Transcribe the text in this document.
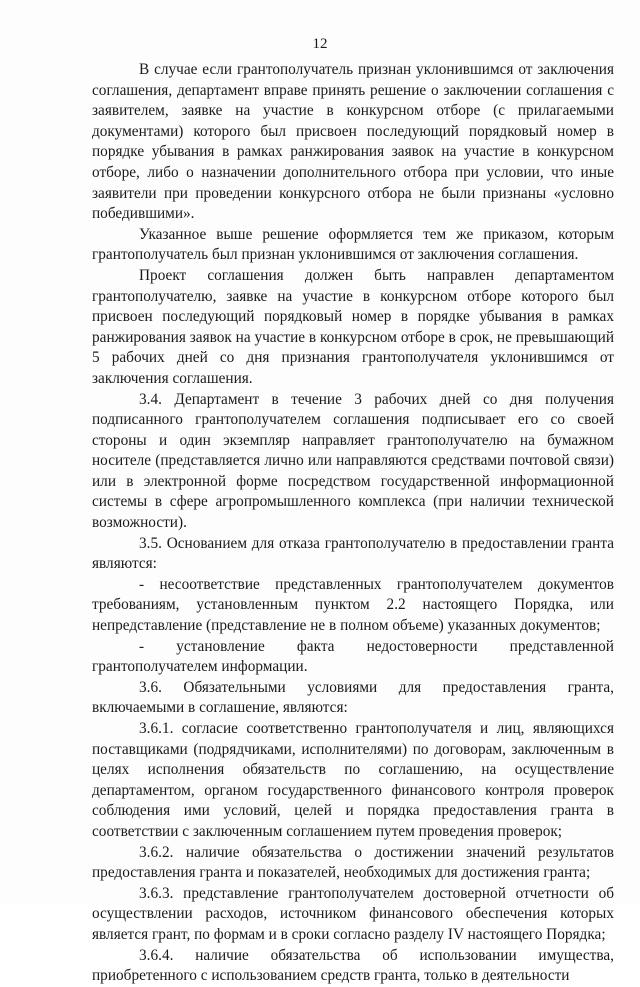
12

В случае если грантополучатель признан уклонившимся от заключения соглашения, департамент вправе принять решение о заключении соглашения с заявителем, заявке на участие в конкурсном отборе (с прилагаемыми документами) которого был присвоен последующий порядковый номер в порядке убывания в рамках ранжирования заявок на участие в конкурсном отборе, либо о назначении дополнительного отбора при условии, что иные заявители при проведении конкурсного отбора не были признаны «условно победившими».

Указанное выше решение оформляется тем же приказом, которым грантополучатель был признан уклонившимся от заключения соглашения.

Проект соглашения должен быть направлен департаментом грантополучателю, заявке на участие в конкурсном отборе которого был присвоен последующий порядковый номер в порядке убывания в рамках ранжирования заявок на участие в конкурсном отборе в срок, не превышающий 5 рабочих дней со дня признания грантополучателя уклонившимся от заключения соглашения.

3.4. Департамент в течение 3 рабочих дней со дня получения подписанного грантополучателем соглашения подписывает его со своей стороны и один экземпляр направляет грантополучателю на бумажном носителе (представляется лично или направляются средствами почтовой связи) или в электронной форме посредством государственной информационной системы в сфере агропромышленного комплекса (при наличии технической возможности).

3.5. Основанием для отказа грантополучателю в предоставлении гранта являются:

- несоответствие представленных грантополучателем документов требованиям, установленным пунктом 2.2 настоящего Порядка, или непредставление (представление не в полном объеме) указанных документов;

- установление факта недостоверности представленной грантополучателем информации.

3.6. Обязательными условиями для предоставления гранта, включаемыми в соглашение, являются:

3.6.1. согласие соответственно грантополучателя и лиц, являющихся поставщиками (подрядчиками, исполнителями) по договорам, заключенным в целях исполнения обязательств по соглашению, на осуществление департаментом, органом государственного финансового контроля проверок соблюдения ими условий, целей и порядка предоставления гранта в соответствии с заключенным соглашением путем проведения проверок;

3.6.2. наличие обязательства о достижении значений результатов предоставления гранта и показателей, необходимых для достижения гранта;

3.6.3. представление грантополучателем достоверной отчетности об осуществлении расходов, источником финансового обеспечения которых является грант, по формам и в сроки согласно разделу IV настоящего Порядка;

3.6.4. наличие обязательства об использовании имущества, приобретенного с использованием средств гранта, только в деятельности
